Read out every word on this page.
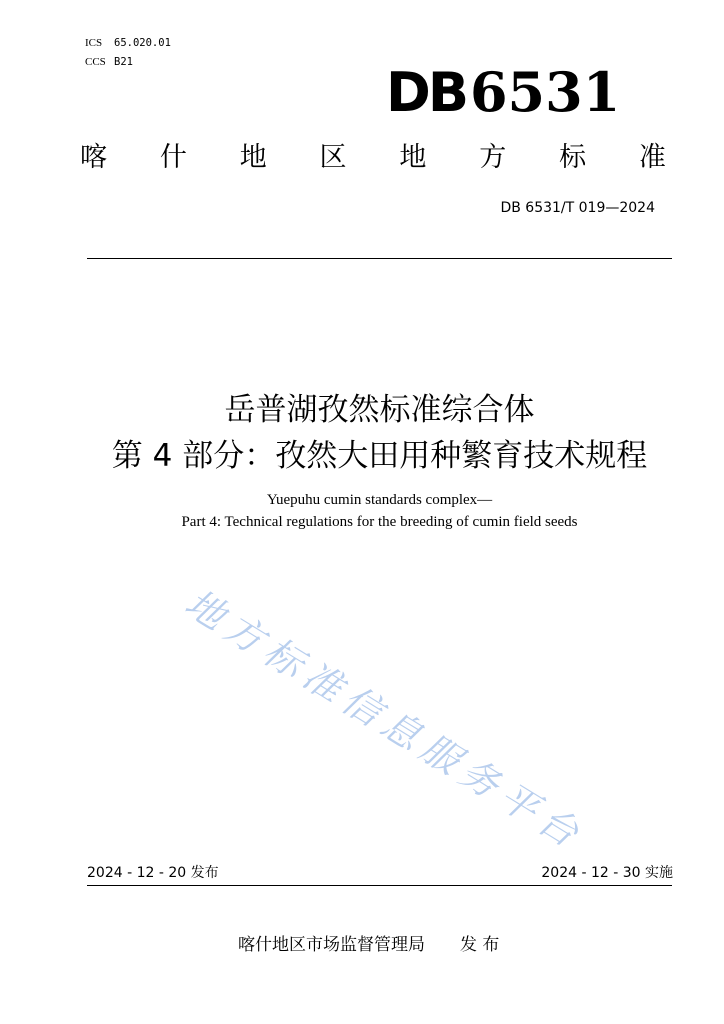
ICS	65.020.01
CCS B21	DB6531
喀 什 地 区 地 方 标 准
DB 6531/T 019—2024
岳普湖孜然标准综合体
第 4 部分：孜然大田用种繁育技术规程
Yuepuhu cumin standards complex—
Part 4: Technical regulations for the breeding of cumin field seeds
地方标准信息服务平台
2024 - 12 - 20 发布	2024 - 12 - 30 实施
喀什地区市场监督管理局 发 布
